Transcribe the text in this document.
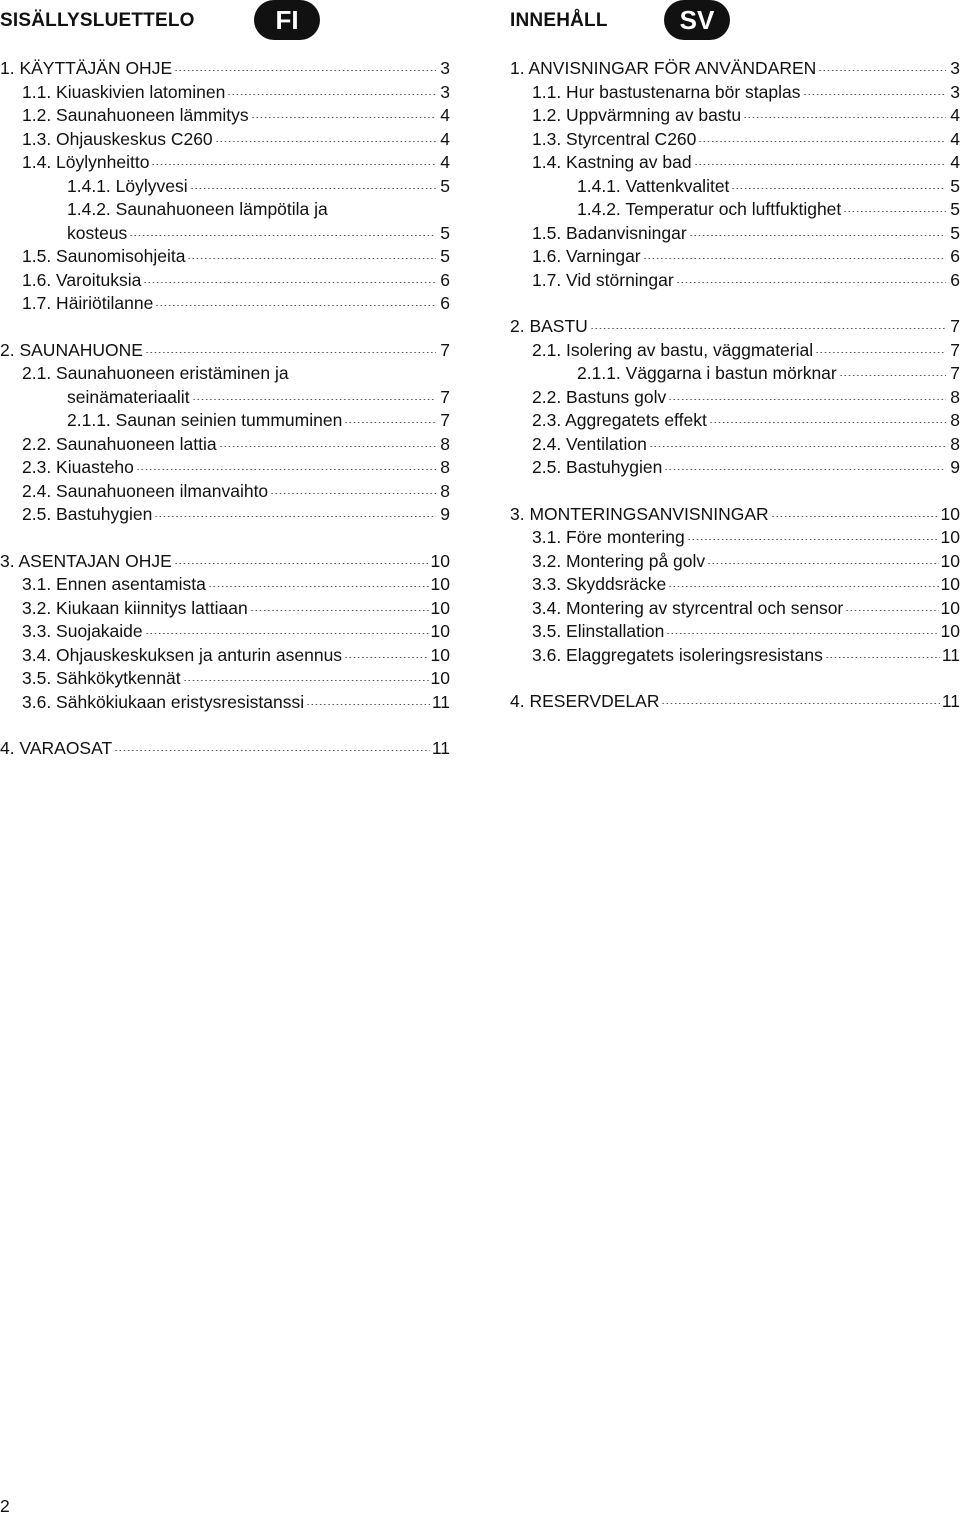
SISÄLLYSLUETTELO	FI
1. KÄYTTÄJÄN OHJE	3
1.1. Kiuaskivien latominen	3
1.2. Saunahuoneen lämmitys	4
1.3. Ohjauskeskus C260	4
1.4. Löylynheitto	4
1.4.1. Löylyvesi	5
1.4.2. Saunahuoneen lämpötila ja
kosteus	5
1.5. Saunomisohjeita	5
1.6. Varoituksia	6
1.7. Häiriötilanne	6
2. SAUNAHUONE	7
2.1. Saunahuoneen eristäminen ja
seinämateriaalit	7
2.1.1. Saunan seinien tummuminen	7
2.2. Saunahuoneen lattia	8
2.3. Kiuasteho	8
2.4. Saunahuoneen ilmanvaihto	8
2.5. Bastuhygien	9
3. ASENTAJAN OHJE	10
3.1. Ennen asentamista	10
3.2. Kiukaan kiinnitys lattiaan	10
3.3. Suojakaide	10
3.4. Ohjauskeskuksen ja anturin asennus	10
3.5. Sähkökytkennät	10
3.6. Sähkökiukaan eristysresistanssi	11
4. VARAOSAT	11
INNEHÅLL	SV
1. ANVISNINGAR FÖR ANVÄNDAREN	3
1.1. Hur bastustenarna bör staplas	3
1.2. Uppvärmning av bastu	4
1.3. Styrcentral C260	4
1.4. Kastning av bad	4
1.4.1. Vattenkvalitet	5
1.4.2. Temperatur och luftfuktighet	5
1.5. Badanvisningar	5
1.6. Varningar	6
1.7. Vid störningar	6
2. BASTU	7
2.1. Isolering av bastu, väggmaterial	7
2.1.1. Väggarna i bastun mörknar	7
2.2. Bastuns golv	8
2.3. Aggregatets effekt	8
2.4. Ventilation	8
2.5. Bastuhygien	9
3. MONTERINGSANVISNINGAR	10
3.1. Före montering	10
3.2. Montering på golv	10
3.3. Skyddsräcke	10
3.4. Montering av styrcentral och sensor	10
3.5. Elinstallation	10
3.6. Elaggregatets isoleringsresistans	11
4. RESERVDELAR	11
2
